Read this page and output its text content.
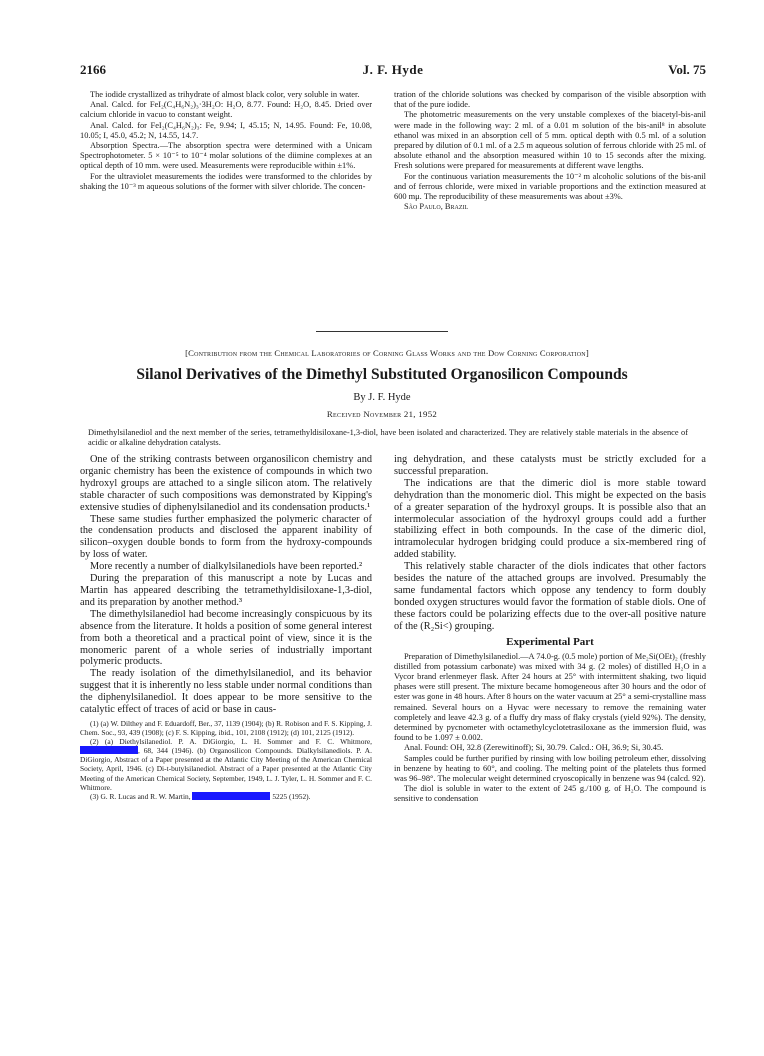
2166	J. F. Hyde	Vol. 75

The iodide crystallized as trihydrate of almost black color, very soluble in water.

Anal. Calcd. for FeI₂(C₄H₆N₂)₃·3H₂O: H₂O, 8.77. Found: H₂O, 8.45. Dried over calcium chloride in vacuo to constant weight.

Anal. Calcd. for FeI₂(C₄H₆N₂)₃: Fe, 9.94; I, 45.15; N, 14.95. Found: Fe, 10.08, 10.05; I, 45.0, 45.2; N, 14.55, 14.7.

Absorption Spectra.—The absorption spectra were determined with a Unicam Spectrophotometer. 5 × 10⁻⁵ to 10⁻⁴ molar solutions of the diimine complexes at an optical depth of 10 mm. were used. Measurements were reproducible within ±1%.

For the ultraviolet measurements the iodides were transformed to the chlorides by shaking the 10⁻³ m aqueous solutions of the former with silver chloride. The concen-

tration of the chloride solutions was checked by comparison of the visible absorption with that of the pure iodide.

The photometric measurements on the very unstable complexes of the biacetyl-bis-anil were made in the following way: 2 ml. of a 0.01 m solution of the bis-anil⁸ in absolute ethanol was mixed in an absorption cell of 5 mm. optical depth with 0.5 ml. of a solution prepared by dilution of 0.1 ml. of a 2.5 m aqueous solution of ferrous chloride with 25 ml. of absolute ethanol and the absorption measured within 10 to 15 seconds after the mixing. Fresh solutions were prepared for measurements at different wave lengths.

For the continuous variation measurements the 10⁻² m alcoholic solutions of the bis-anil and of ferrous chloride, were mixed in variable proportions and the extinction measured at 600 mμ. The reproducibility of these measurements was about ±3%.

São Paulo, Brazil

[Contribution from the Chemical Laboratories of Corning Glass Works and the Dow Corning Corporation]
Silanol Derivatives of the Dimethyl Substituted Organosilicon Compounds
By J. F. Hyde
Received November 21, 1952
Dimethylsilanediol and the next member of the series, tetramethyldisiloxane-1,3-diol, have been isolated and characterized. They are relatively stable materials in the absence of acidic or alkaline dehydration catalysts.

One of the striking contrasts between organosilicon chemistry and organic chemistry has been the existence of compounds in which two hydroxyl groups are attached to a single silicon atom. The relatively stable character of such compositions was demonstrated by Kipping's extensive studies of diphenylsilanediol and its condensation products.¹

These same studies further emphasized the polymeric character of the condensation products and disclosed the apparent inability of silicon–oxygen double bonds to form from the hydroxy-compounds by loss of water.

More recently a number of dialkylsilanediols have been reported.²

During the preparation of this manuscript a note by Lucas and Martin has appeared describing the tetramethyldisiloxane-1,3-diol, and its preparation by another method.³

The dimethylsilanediol had become increasingly conspicuous by its absence from the literature. It holds a position of some general interest from both a theoretical and a practical point of view, since it is the monomeric parent of a whole series of industrially important polymeric products.

The ready isolation of the dimethylsilanediol, and its behavior suggest that it is inherently no less stable under normal conditions than the diphenylsilanediol. It does appear to be more sensitive to the catalytic effect of traces of acid or base in caus-

(1) (a) W. Dilthey and F. Eduardoff, Ber., 37, 1139 (1904); (b) R. Robison and F. S. Kipping, J. Chem. Soc., 93, 439 (1908); (c) F. S. Kipping, ibid., 101, 2108 (1912); (d) 101, 2125 (1912).

(2) (a) Diethylsilanediol. P. A. DiGiorgio, L. H. Sommer and F. C. Whitmore, , 68, 344 (1946). (b) Organosilicon Compounds. Dialkylsilanediols. P. A. DiGiorgio, Abstract of a Paper presented at the Atlantic City Meeting of the American Chemical Society, April, 1946. (c) Di-t-butylsilanediol. Abstract of a Paper presented at the Atlantic City Meeting of the American Chemical Society, September, 1949, L. J. Tyler, L. H. Sommer and F. C. Whitmore.

(3) G. R. Lucas and R. W. Martin,	5225 (1952).

ing dehydration, and these catalysts must be strictly excluded for a successful preparation.

The indications are that the dimeric diol is more stable toward dehydration than the monomeric diol. This might be expected on the basis of a greater separation of the hydroxyl groups. It is possible also that an intermolecular association of the hydroxyl groups could add a further stabilizing effect in both compounds. In the case of the dimeric diol, intramolecular hydrogen bridging could produce a six-membered ring of added stability.

This relatively stable character of the diols indicates that other factors besides the nature of the attached groups are involved. Presumably the same fundamental factors which oppose any tendency to form doubly bonded oxygen structures would favor the formation of stable diols. One of these factors could be polarizing effects due to the over-all positive nature of the (R₂Si<) grouping.

Experimental Part

Preparation of Dimethylsilanediol.—A 74.0-g. (0.5 mole) portion of Me₂Si(OEt)₂ (freshly distilled from potassium carbonate) was mixed with 34 g. (2 moles) of distilled H₂O in a Vycor brand erlenmeyer flask. After 24 hours at 25° with intermittent shaking, two liquid phases were still present. The mixture became homogeneous after 30 hours and the odor of ester was gone in 48 hours. After 8 hours on the water vacuum at 25° a semi-crystalline mass remained. Several hours on a Hyvac were necessary to remove the remaining water completely and leave 42.3 g. of a fluffy dry mass of flaky crystals (yield 92%). The density, determined by pycnometer with octamethylcyclotetrasiloxane as the immersion fluid, was found to be 1.097 ± 0.002.

Anal. Found: OH, 32.8 (Zerewitinoff); Si, 30.79. Calcd.: OH, 36.9; Si, 30.45.

Samples could be further purified by rinsing with low boiling petroleum ether, dissolving in benzene by heating to 60°, and cooling. The melting point of the platelets thus formed was 96–98°. The molecular weight determined cryoscopically in benzene was 94 (calcd. 92).

The diol is soluble in water to the extent of 245 g./100 g. of H₂O. The compound is sensitive to condensation
